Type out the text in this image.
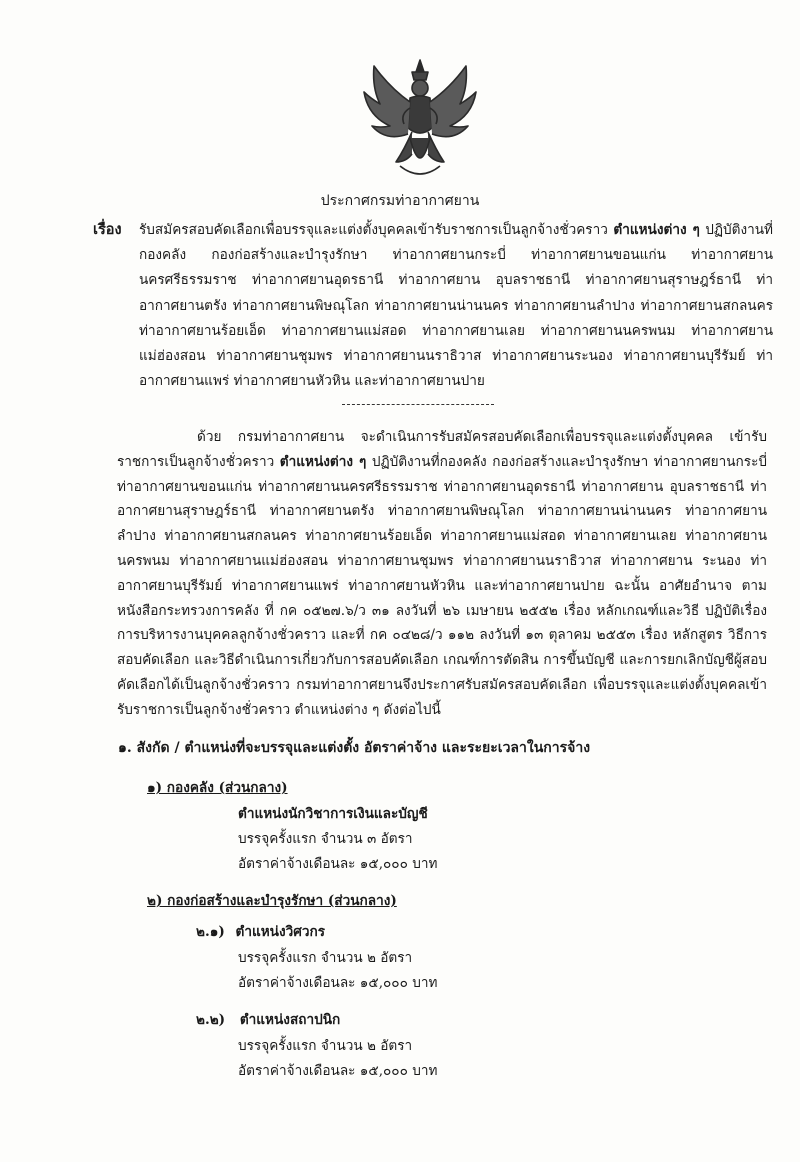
ประกาศกรมท่าอากาศยาน
เรื่อง รับสมัครสอบคัดเลือกเพื่อบรรจุและแต่งตั้งบุคคลเข้ารับราชการเป็นลูกจ้างชั่วคราว ตำแหน่งต่าง ๆ ปฏิบัติงานที่กองคลัง กองก่อสร้างและบำรุงรักษา ท่าอากาศยานกระบี่ ท่าอากาศยานขอนแก่น ท่าอากาศยานนครศรีธรรมราช ท่าอากาศยานอุดรธานี ท่าอากาศยาน อุบลราชธานี ท่าอากาศยานสุราษฎร์ธานี ท่าอากาศยานตรัง ท่าอากาศยานพิษณุโลก ท่าอากาศยานน่านนคร ท่าอากาศยานลำปาง ท่าอากาศยานสกลนคร ท่าอากาศยานร้อยเอ็ด ท่าอากาศยานแม่สอด ท่าอากาศยานเลย ท่าอากาศยานนครพนม ท่าอากาศยานแม่ฮ่องสอน ท่าอากาศยานชุมพร ท่าอากาศยานนราธิวาส ท่าอากาศยานระนอง ท่าอากาศยานบุรีรัมย์ ท่าอากาศยานแพร่ ท่าอากาศยานหัวหิน และท่าอากาศยานปาย
ด้วย กรมท่าอากาศยาน จะดำเนินการรับสมัครสอบคัดเลือกเพื่อบรรจุและแต่งตั้งบุคคล เข้ารับราชการเป็นลูกจ้างชั่วคราว ตำแหน่งต่าง ๆ ปฏิบัติงานที่กองคลัง กองก่อสร้างและบำรุงรักษา ท่าอากาศยานกระบี่ ท่าอากาศยานขอนแก่น ท่าอากาศยานนครศรีธรรมราช ท่าอากาศยานอุดรธานี ท่าอากาศยาน อุบลราชธานี ท่าอากาศยานสุราษฎร์ธานี ท่าอากาศยานตรัง ท่าอากาศยานพิษณุโลก ท่าอากาศยานน่านนคร ท่าอากาศยานลำปาง ท่าอากาศยานสกลนคร ท่าอากาศยานร้อยเอ็ด ท่าอากาศยานแม่สอด ท่าอากาศยานเลย ท่าอากาศยานนครพนม ท่าอากาศยานแม่ฮ่องสอน ท่าอากาศยานชุมพร ท่าอากาศยานนราธิวาส ท่าอากาศยาน ระนอง ท่าอากาศยานบุรีรัมย์ ท่าอากาศยานแพร่ ท่าอากาศยานหัวหิน และท่าอากาศยานปาย ฉะนั้น อาศัยอำนาจ ตามหนังสือกระทรวงการคลัง ที่ กค ๐๕๒๗.๖/ว ๓๑ ลงวันที่ ๒๖ เมษายน ๒๕๕๒ เรื่อง หลักเกณฑ์และวิธี ปฏิบัติเรื่องการบริหารงานบุคคลลูกจ้างชั่วคราว และที่ กค ๐๔๒๘/ว ๑๑๒ ลงวันที่ ๑๓ ตุลาคม ๒๕๕๓ เรื่อง หลักสูตร วิธีการสอบคัดเลือก และวิธีดำเนินการเกี่ยวกับการสอบคัดเลือก เกณฑ์การตัดสิน การขึ้นบัญชี และการยกเลิกบัญชีผู้สอบคัดเลือกได้เป็นลูกจ้างชั่วคราว กรมท่าอากาศยานจึงประกาศรับสมัครสอบคัดเลือก เพื่อบรรจุและแต่งตั้งบุคคลเข้ารับราชการเป็นลูกจ้างชั่วคราว ตำแหน่งต่าง ๆ ดังต่อไปนี้
๑. สังกัด / ตำแหน่งที่จะบรรจุและแต่งตั้ง อัตราค่าจ้าง และระยะเวลาในการจ้าง
๑) กองคลัง (ส่วนกลาง)
ตำแหน่งนักวิชาการเงินและบัญชี
บรรจุครั้งแรก จำนวน ๓ อัตรา
อัตราค่าจ้างเดือนละ ๑๕,๐๐๐ บาท
๒) กองก่อสร้างและบำรุงรักษา (ส่วนกลาง)
๒.๑) ตำแหน่งวิศวกร
บรรจุครั้งแรก จำนวน ๒ อัตรา
อัตราค่าจ้างเดือนละ ๑๕,๐๐๐ บาท
๒.๒) ตำแหน่งสถาปนิก
บรรจุครั้งแรก จำนวน ๒ อัตรา
อัตราค่าจ้างเดือนละ ๑๕,๐๐๐ บาท
